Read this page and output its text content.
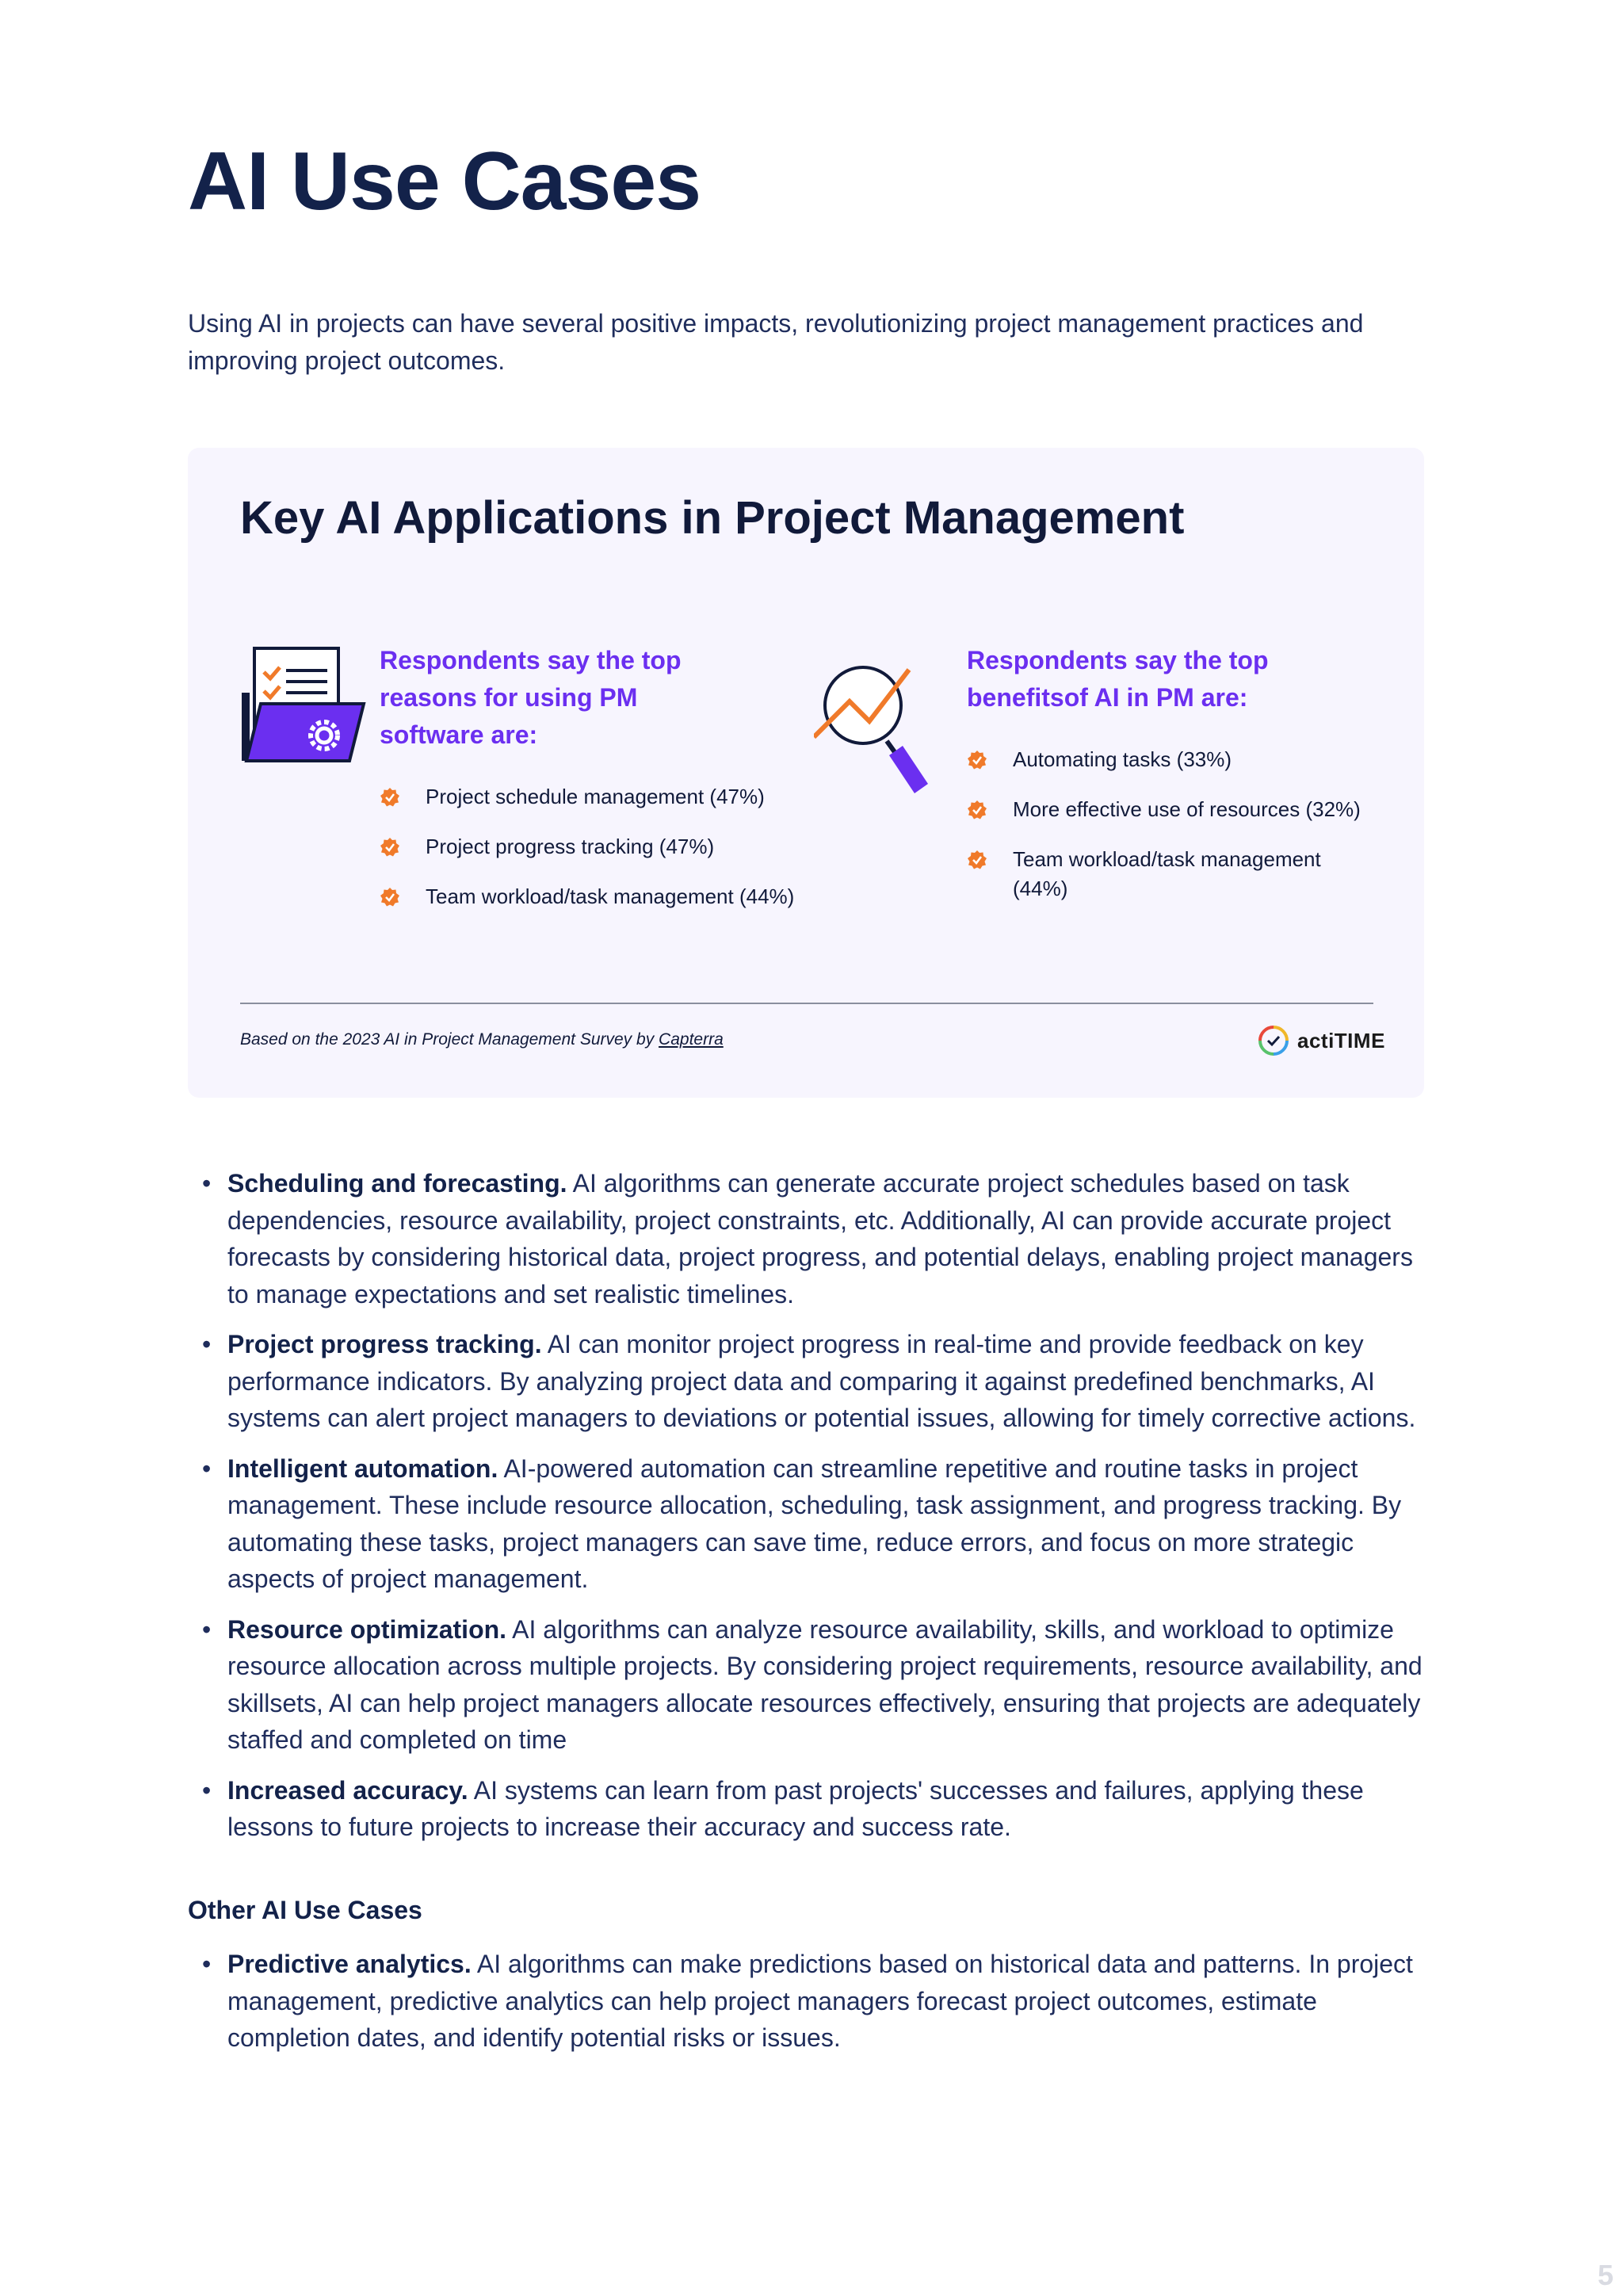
AI Use Cases

Using AI in projects can have several positive impacts, revolutionizing project management practices and improving project outcomes.

Key AI Applications in Project Management
Respondents say the top reasons for using PM software are:
Project schedule management (47%)
Project progress tracking (47%)
Team workload/task management (44%)
Respondents say the top benefitsof AI in PM are:
Automating tasks (33%)
More effective use of resources (32%)
Team workload/task management (44%)
Based on the 2023 AI in Project Management Survey by Capterra	actiTIME
• Scheduling and forecasting. AI algorithms can generate accurate project schedules based on task dependencies, resource availability, project constraints, etc. Additionally, AI can provide accurate project forecasts by considering historical data, project progress, and potential delays, enabling project managers to manage expectations and set realistic timelines.
• Project progress tracking. AI can monitor project progress in real-time and provide feedback on key performance indicators. By analyzing project data and comparing it against predefined benchmarks, AI systems can alert project managers to deviations or potential issues, allowing for timely corrective actions.
• Intelligent automation. AI-powered automation can streamline repetitive and routine tasks in project management. These include resource allocation, scheduling, task assignment, and progress tracking. By automating these tasks, project managers can save time, reduce errors, and focus on more strategic aspects of project management.
• Resource optimization. AI algorithms can analyze resource availability, skills, and workload to optimize resource allocation across multiple projects. By considering project requirements, resource availability, and skillsets, AI can help project managers allocate resources effectively, ensuring that projects are adequately staffed and completed on time
• Increased accuracy. AI systems can learn from past projects' successes and failures, applying these lessons to future projects to increase their accuracy and success rate.
Other AI Use Cases
• Predictive analytics. AI algorithms can make predictions based on historical data and patterns. In project management, predictive analytics can help project managers forecast project outcomes, estimate completion dates, and identify potential risks or issues.
5
